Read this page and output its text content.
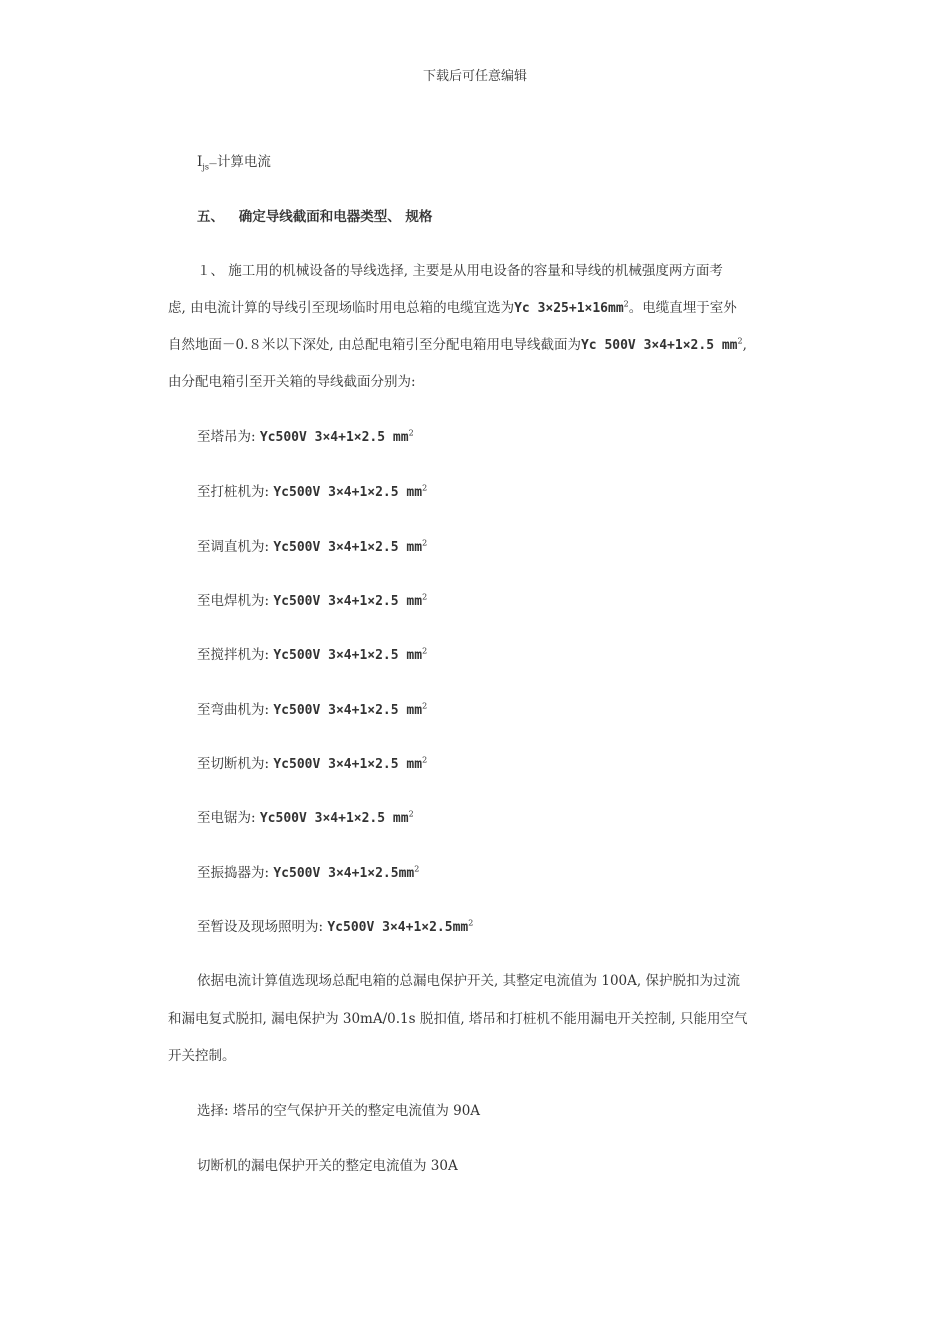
下载后可任意编辑
$I_{js}—$计算电流
五、 确定导线截面和电器类型、 规格
１、 施工用的机械设备的导线选择, 主要是从用电设备的容量和导线的机械强度两方面考
虑, 由电流计算的导线引至现场临时用电总箱的电缆宜选为Yc $3\times 25+1\times 16mm^2$。电缆直埋于室外
自然地面－0.８米以下深处, 由总配电箱引至分配电箱用电导线截面为Yc 500V 3×4+1×2.5 $mm^2$,
由分配电箱引至开关箱的导线截面分别为:
至塔吊为: Yc500V 3×4+1×2.5 $mm^2$
至打桩机为: Yc500V 3×4+1×2.5 $mm^2$
至调直机为: Yc500V 3×4+1×2.5 $mm^2$
至电焊机为: Yc500V 3×4+1×2.5 $mm^2$
至搅拌机为: Yc500V 3×4+1×2.5 $mm^2$
至弯曲机为: Yc500V 3×4+1×2.5 $mm^2$
至切断机为: Yc500V 3×4+1×2.5 $mm^2$
至电锯为: Yc500V 3×4+1×2.5 $mm^2$
至振捣器为: Yc500V $3\times 4+1\times 2.5mm^2$
至暂设及现场照明为: Yc500V $3\times 4+1\times 2.5mm^2$
依据电流计算值选现场总配电箱的总漏电保护开关, 其整定电流值为 100A, 保护脱扣为过流
和漏电复式脱扣, 漏电保护为 30mA/0.1s 脱扣值, 塔吊和打桩机不能用漏电开关控制, 只能用空气
开关控制。
选择: 塔吊的空气保护开关的整定电流值为 90A
切断机的漏电保护开关的整定电流值为 30A
